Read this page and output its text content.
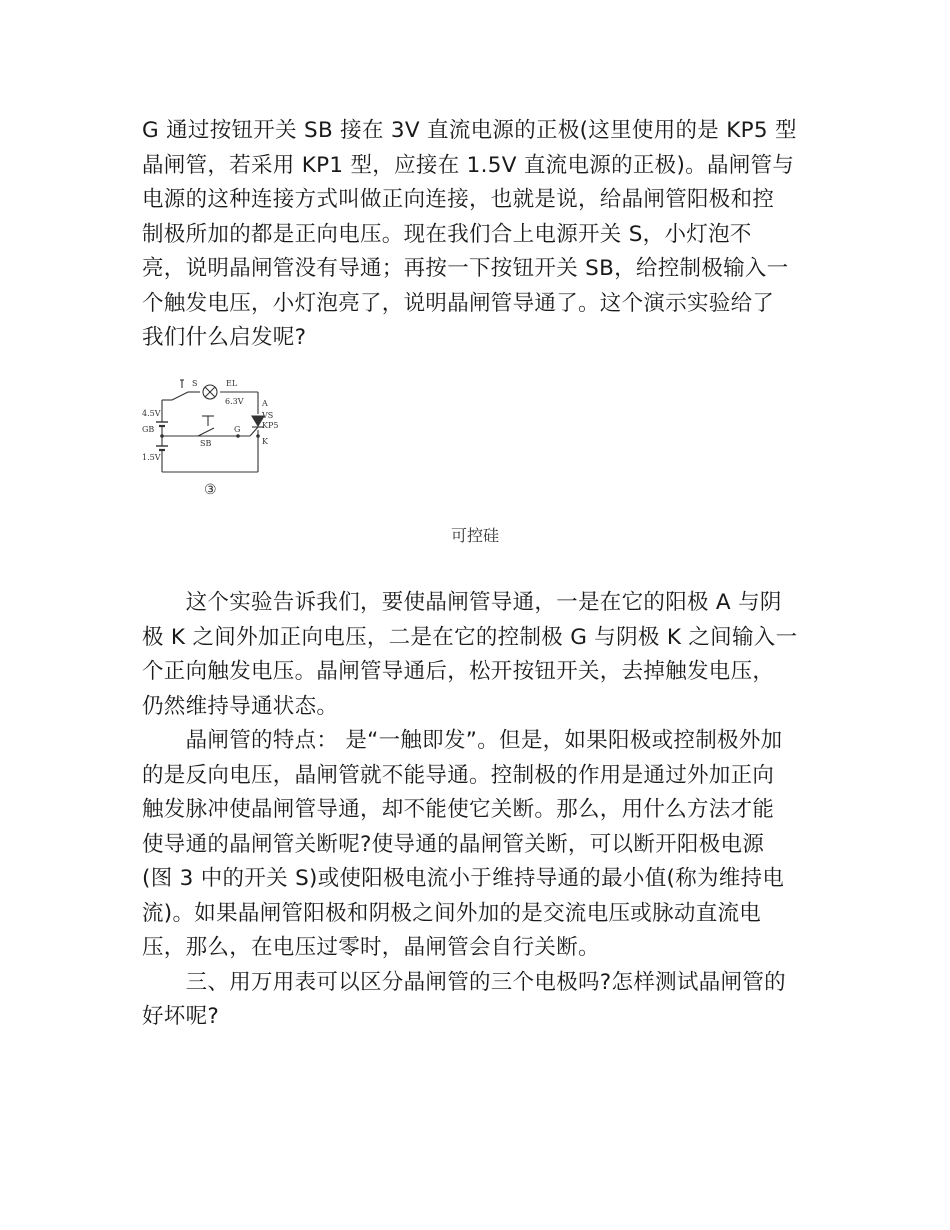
G 通过按钮开关 SB 接在 3V 直流电源的正极(这里使用的是 KP5 型
晶闸管，若采用 KP1 型，应接在 1.5V 直流电源的正极)。晶闸管与
电源的这种连接方式叫做正向连接，也就是说，给晶闸管阳极和控
制极所加的都是正向电压。现在我们合上电源开关 S，小灯泡不
亮，说明晶闸管没有导通；再按一下按钮开关 SB，给控制极输入一
个触发电压，小灯泡亮了，说明晶闸管导通了。这个演示实验给了
我们什么启发呢?
S	EL
6.3V A
VS
KP5
K
G
SB
GB
4.5V
1.5V
③
可控硅
　　这个实验告诉我们，要使晶闸管导通，一是在它的阳极 A 与阴
极 K 之间外加正向电压，二是在它的控制极 G 与阴极 K 之间输入一
个正向触发电压。晶闸管导通后，松开按钮开关，去掉触发电压，
仍然维持导通状态。
　　晶闸管的特点： 是“一触即发”。但是，如果阳极或控制极外加
的是反向电压，晶闸管就不能导通。控制极的作用是通过外加正向
触发脉冲使晶闸管导通，却不能使它关断。那么，用什么方法才能
使导通的晶闸管关断呢?使导通的晶闸管关断，可以断开阳极电源
(图 3 中的开关 S)或使阳极电流小于维持导通的最小值(称为维持电
流)。如果晶闸管阳极和阴极之间外加的是交流电压或脉动直流电
压，那么，在电压过零时，晶闸管会自行关断。
　　三、用万用表可以区分晶闸管的三个电极吗?怎样测试晶闸管的
好坏呢?
